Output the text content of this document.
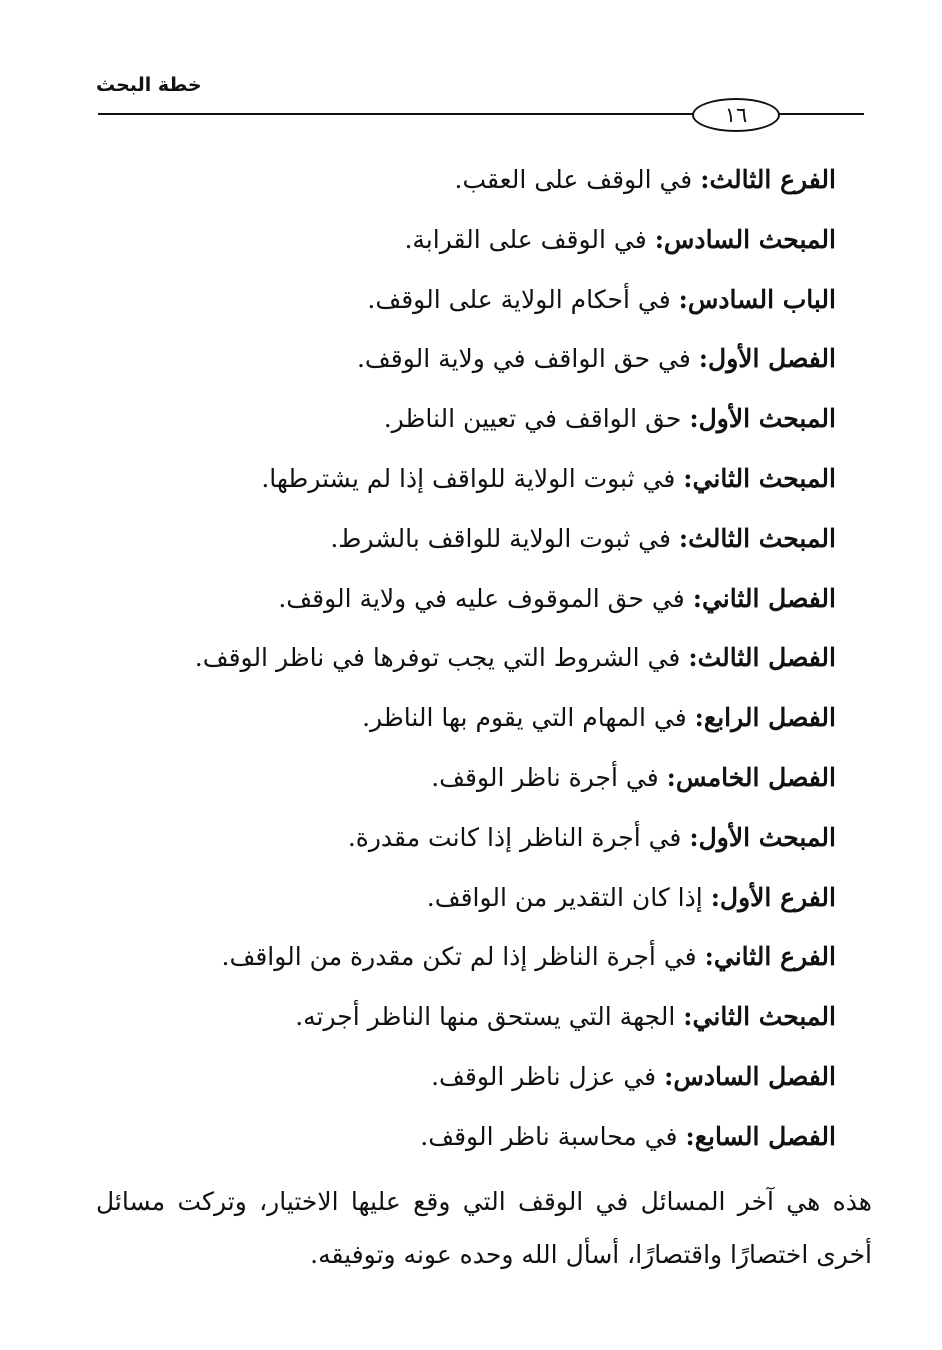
خطة البحث
١٦
الفرع الثالث:في الوقف على العقب.
المبحث السادس:في الوقف على القرابة.
الباب السادس:في أحكام الولاية على الوقف.
الفصل الأول:في حق الواقف في ولاية الوقف.
المبحث الأول:حق الواقف في تعيين الناظر.
المبحث الثاني:في ثبوت الولاية للواقف إذا لم يشترطها.
المبحث الثالث:في ثبوت الولاية للواقف بالشرط.
الفصل الثاني:في حق الموقوف عليه في ولاية الوقف.
الفصل الثالث:في الشروط التي يجب توفرها في ناظر الوقف.
الفصل الرابع:في المهام التي يقوم بها الناظر.
الفصل الخامس:في أجرة ناظر الوقف.
المبحث الأول:في أجرة الناظر إذا كانت مقدرة.
الفرع الأول:إذا كان التقدير من الواقف.
الفرع الثاني:في أجرة الناظر إذا لم تكن مقدرة من الواقف.
المبحث الثاني:الجهة التي يستحق منها الناظر أجرته.
الفصل السادس:في عزل ناظر الوقف.
الفصل السابع:في محاسبة ناظر الوقف.
هذه هي آخر المسائل في الوقف التي وقع عليها الاختيار، وتركت مسائل أخرى اختصارًا واقتصارًا، أسأل الله وحده عونه وتوفيقه.
